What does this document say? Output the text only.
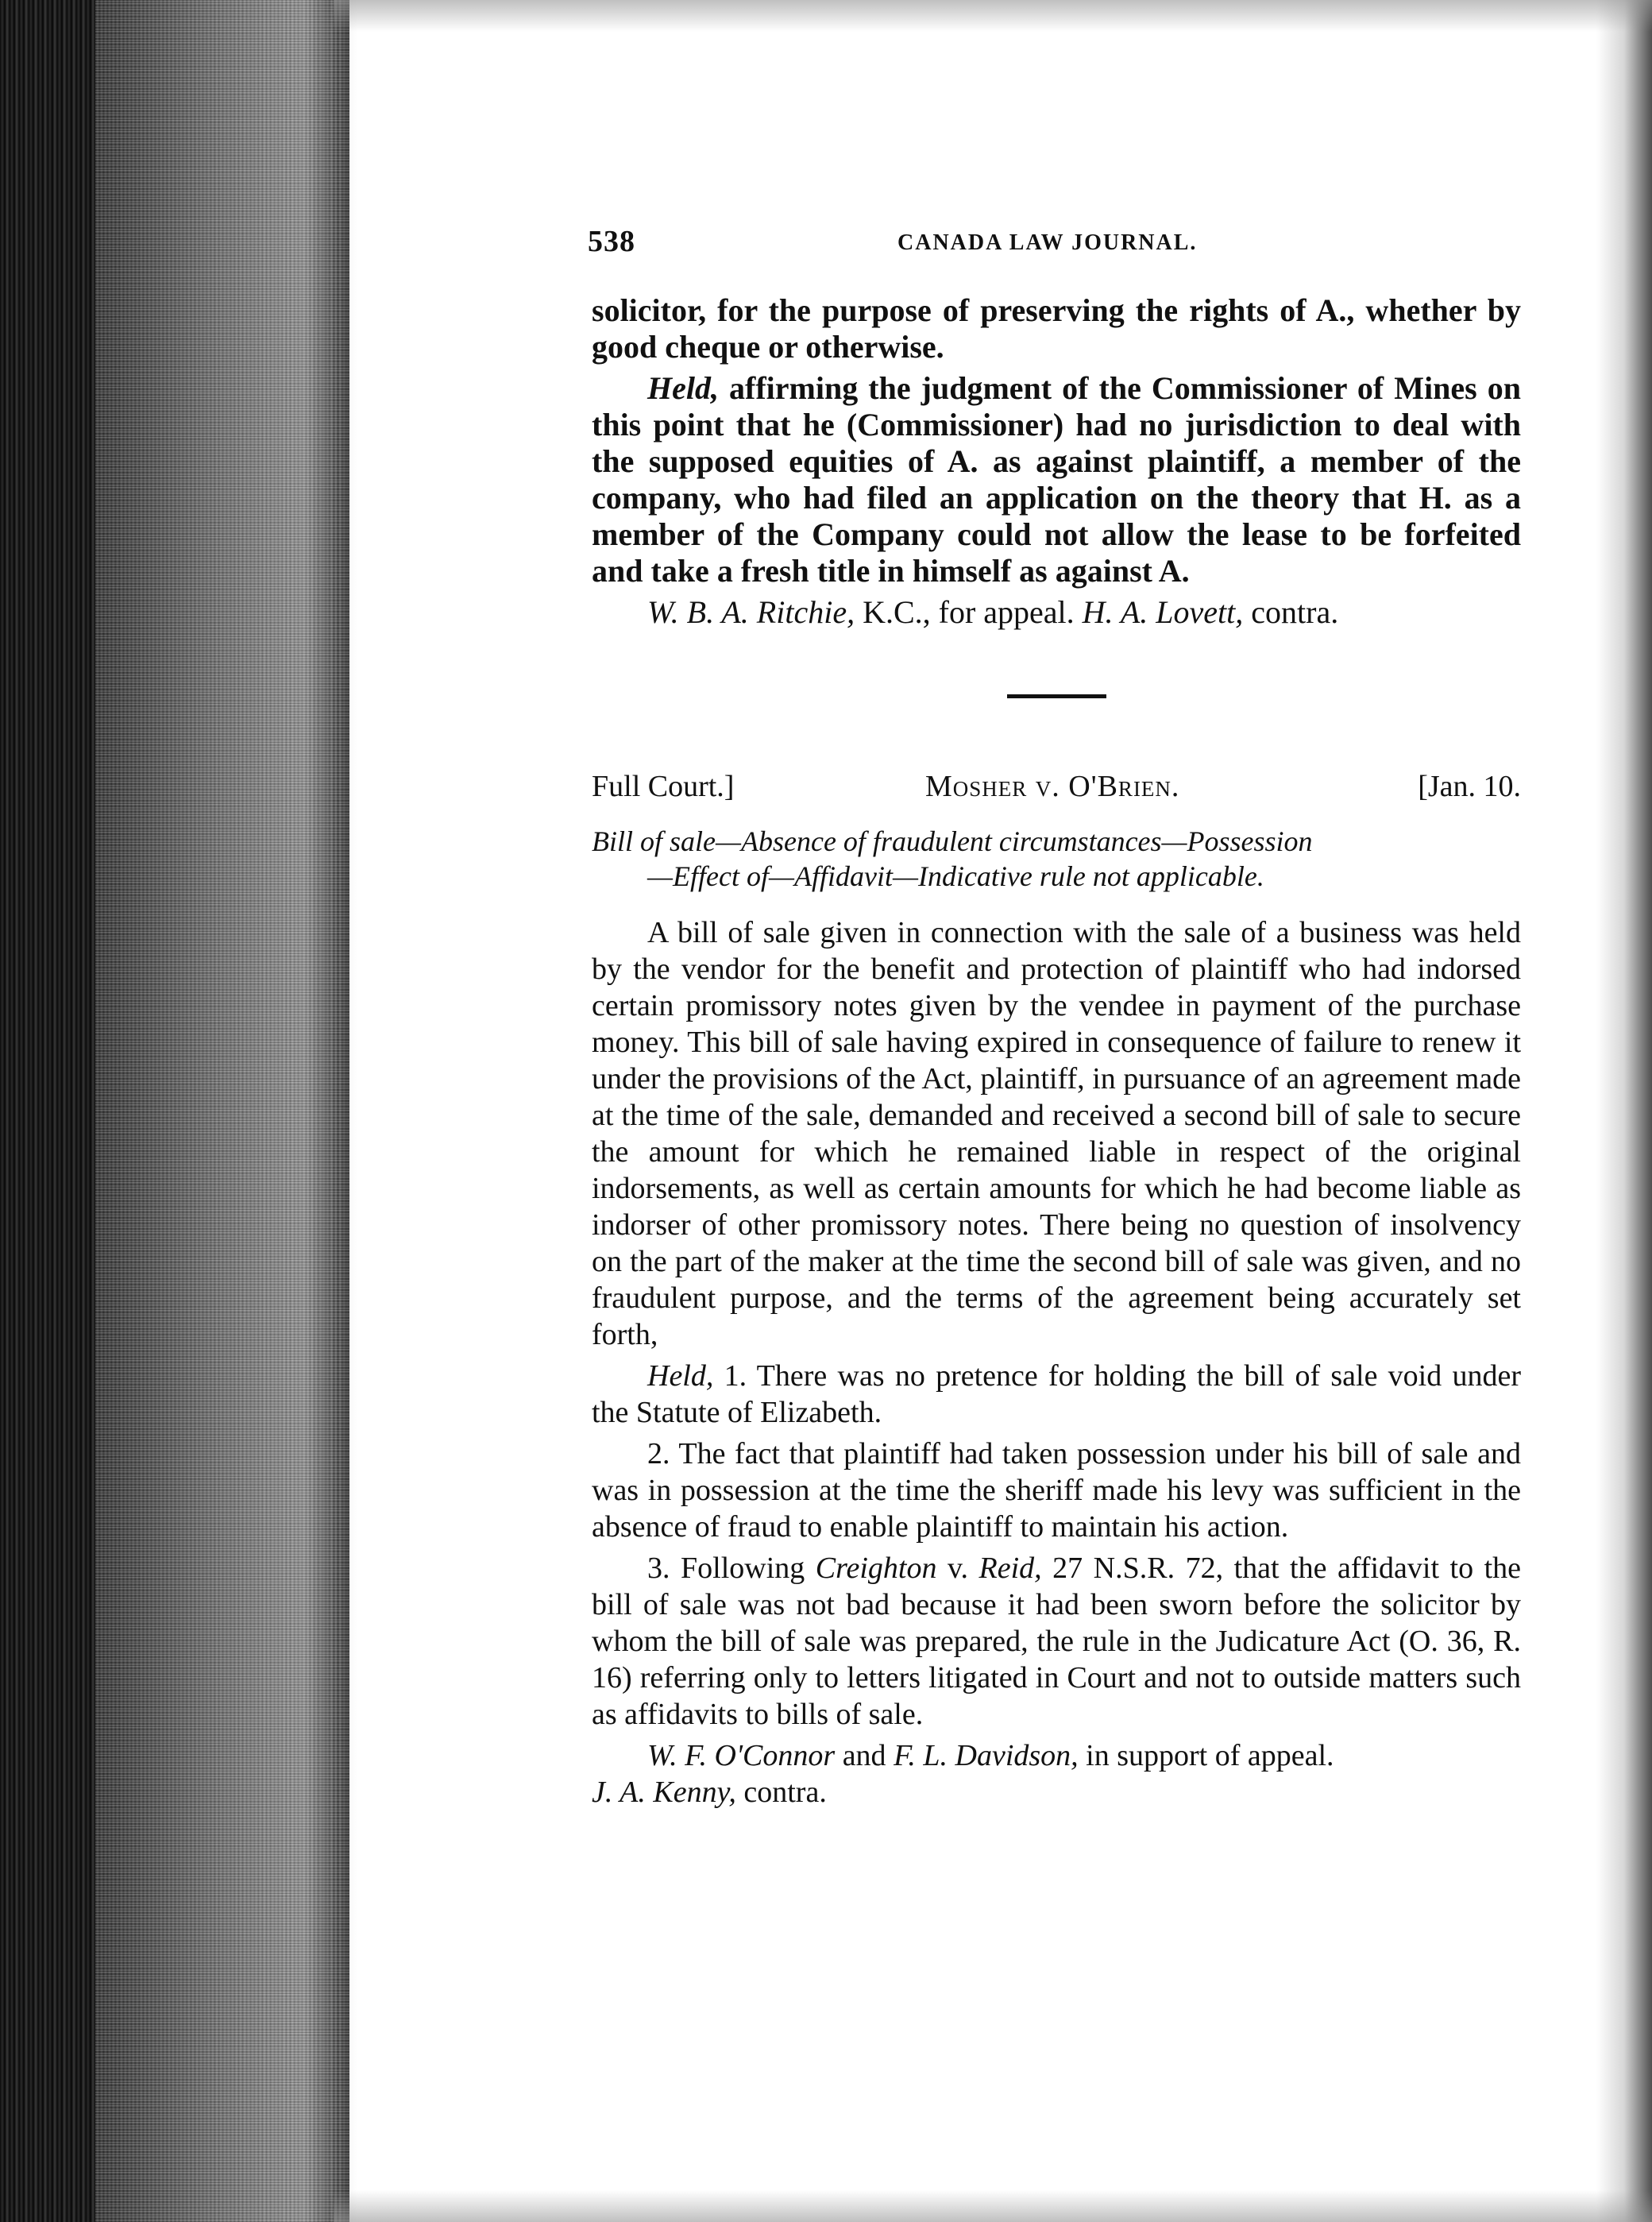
538	CANADA LAW JOURNAL.

solicitor, for the purpose of preserving the rights of A., whether by good cheque or otherwise.

Held, affirming the judgment of the Commissioner of Mines on this point that he (Commissioner) had no jurisdiction to deal with the supposed equities of A. as against plaintiff, a member of the company, who had filed an application on the theory that H. as a member of the Company could not allow the lease to be forfeited and take a fresh title in himself as against A.

W. B. A. Ritchie, K.C., for appeal. H. A. Lovett, contra.

Full Court.]	Mosher v. O'Brien.	[Jan. 10.

Bill of sale—Absence of fraudulent circumstances—Possession
—Effect of—Affidavit—Indicative rule not applicable.

A bill of sale given in connection with the sale of a business was held by the vendor for the benefit and protection of plaintiff who had indorsed certain promissory notes given by the vendee in payment of the purchase money. This bill of sale having expired in consequence of failure to renew it under the provisions of the Act, plaintiff, in pursuance of an agreement made at the time of the sale, demanded and received a second bill of sale to secure the amount for which he remained liable in respect of the original indorsements, as well as certain amounts for which he had become liable as indorser of other promissory notes. There being no question of insolvency on the part of the maker at the time the second bill of sale was given, and no fraudulent purpose, and the terms of the agreement being accurately set forth,

Held, 1. There was no pretence for holding the bill of sale void under the Statute of Elizabeth.

2. The fact that plaintiff had taken possession under his bill of sale and was in possession at the time the sheriff made his levy was sufficient in the absence of fraud to enable plaintiff to maintain his action.

3. Following Creighton v. Reid, 27 N.S.R. 72, that the affidavit to the bill of sale was not bad because it had been sworn before the solicitor by whom the bill of sale was prepared, the rule in the Judicature Act (O. 36, R. 16) referring only to letters litigated in Court and not to outside matters such as affidavits to bills of sale.

W. F. O'Connor and F. L. Davidson, in support of appeal.

J. A. Kenny, contra.
